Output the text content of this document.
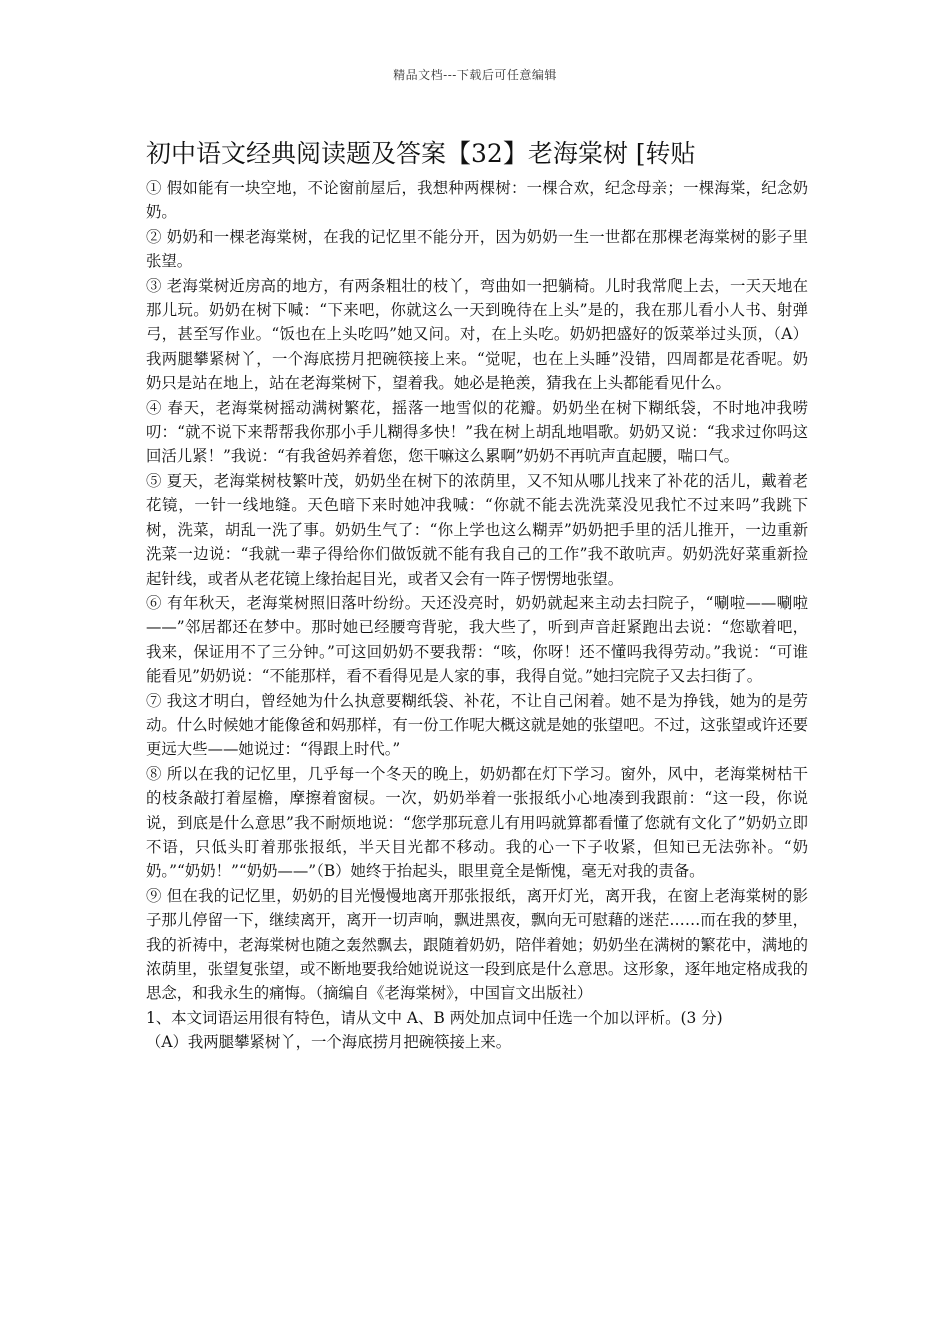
精品文档---下载后可任意编辑
初中语文经典阅读题及答案【32】老海棠树 [转贴

① 假如能有一块空地，不论窗前屋后，我想种两棵树：一棵合欢，纪念母亲；一棵海棠，纪念奶奶。

② 奶奶和一棵老海棠树，在我的记忆里不能分开，因为奶奶一生一世都在那棵老海棠树的影子里张望。

③ 老海棠树近房高的地方，有两条粗壮的枝丫，弯曲如一把躺椅。儿时我常爬上去，一天天地在那儿玩。奶奶在树下喊：“下来吧，你就这么一天到晚待在上头”是的，我在那儿看小人书、射弹弓，甚至写作业。“饭也在上头吃吗”她又问。对，在上头吃。奶奶把盛好的饭菜举过头顶，（A）我两腿攀紧树丫，一个海底捞月把碗筷接上来。“觉呢，也在上头睡”没错，四周都是花香呢。奶奶只是站在地上，站在老海棠树下，望着我。她必是艳羡，猜我在上头都能看见什么。

④ 春天，老海棠树摇动满树繁花，摇落一地雪似的花瓣。奶奶坐在树下糊纸袋，不时地冲我唠叨：“就不说下来帮帮我你那小手儿糊得多快！”我在树上胡乱地唱歌。奶奶又说：“我求过你吗这回活儿紧！”我说：“有我爸妈养着您，您干嘛这么累啊”奶奶不再吭声直起腰，喘口气。

⑤ 夏天，老海棠树枝繁叶茂，奶奶坐在树下的浓荫里，又不知从哪儿找来了补花的活儿，戴着老花镜，一针一线地缝。天色暗下来时她冲我喊：“你就不能去洗洗菜没见我忙不过来吗”我跳下树，洗菜，胡乱一洗了事。奶奶生气了：“你上学也这么糊弄”奶奶把手里的活儿推开，一边重新洗菜一边说：“我就一辈子得给你们做饭就不能有我自己的工作”我不敢吭声。奶奶洗好菜重新捡起针线，或者从老花镜上缘抬起目光，或者又会有一阵子愣愣地张望。

⑥ 有年秋天，老海棠树照旧落叶纷纷。天还没亮时，奶奶就起来主动去扫院子，“唰啦——唰啦——”邻居都还在梦中。那时她已经腰弯背驼，我大些了，听到声音赶紧跑出去说：“您歇着吧，我来，保证用不了三分钟。”可这回奶奶不要我帮：“咳，你呀！还不懂吗我得劳动。”我说：“可谁能看见”奶奶说：“不能那样，看不看得见是人家的事，我得自觉。”她扫完院子又去扫街了。

⑦ 我这才明白，曾经她为什么执意要糊纸袋、补花，不让自己闲着。她不是为挣钱，她为的是劳动。什么时候她才能像爸和妈那样，有一份工作呢大概这就是她的张望吧。不过，这张望或许还要更远大些——她说过：“得跟上时代。”

⑧ 所以在我的记忆里，几乎每一个冬天的晚上，奶奶都在灯下学习。窗外，风中，老海棠树枯干的枝条敲打着屋檐，摩擦着窗棂。一次，奶奶举着一张报纸小心地凑到我跟前：“这一段，你说说，到底是什么意思”我不耐烦地说：“您学那玩意儿有用吗就算都看懂了您就有文化了”奶奶立即不语，只低头盯着那张报纸，半天目光都不移动。我的心一下子收紧，但知已无法弥补。“奶奶。”“奶奶！”“奶奶——”（B）她终于抬起头，眼里竟全是惭愧，毫无对我的责备。

⑨ 但在我的记忆里，奶奶的目光慢慢地离开那张报纸，离开灯光，离开我，在窗上老海棠树的影子那儿停留一下，继续离开，离开一切声响，飘进黑夜，飘向无可慰藉的迷茫……而在我的梦里，我的祈祷中，老海棠树也随之轰然飘去，跟随着奶奶，陪伴着她；奶奶坐在满树的繁花中，满地的浓荫里，张望复张望，或不断地要我给她说说这一段到底是什么意思。这形象，逐年地定格成我的思念，和我永生的痛悔。（摘编自《老海棠树》，中国盲文出版社）

1、本文词语运用很有特色，请从文中 A、B 两处加点词中任选一个加以评析。(3 分)

（A）我两腿攀紧树丫，一个海底捞月把碗筷接上来。
